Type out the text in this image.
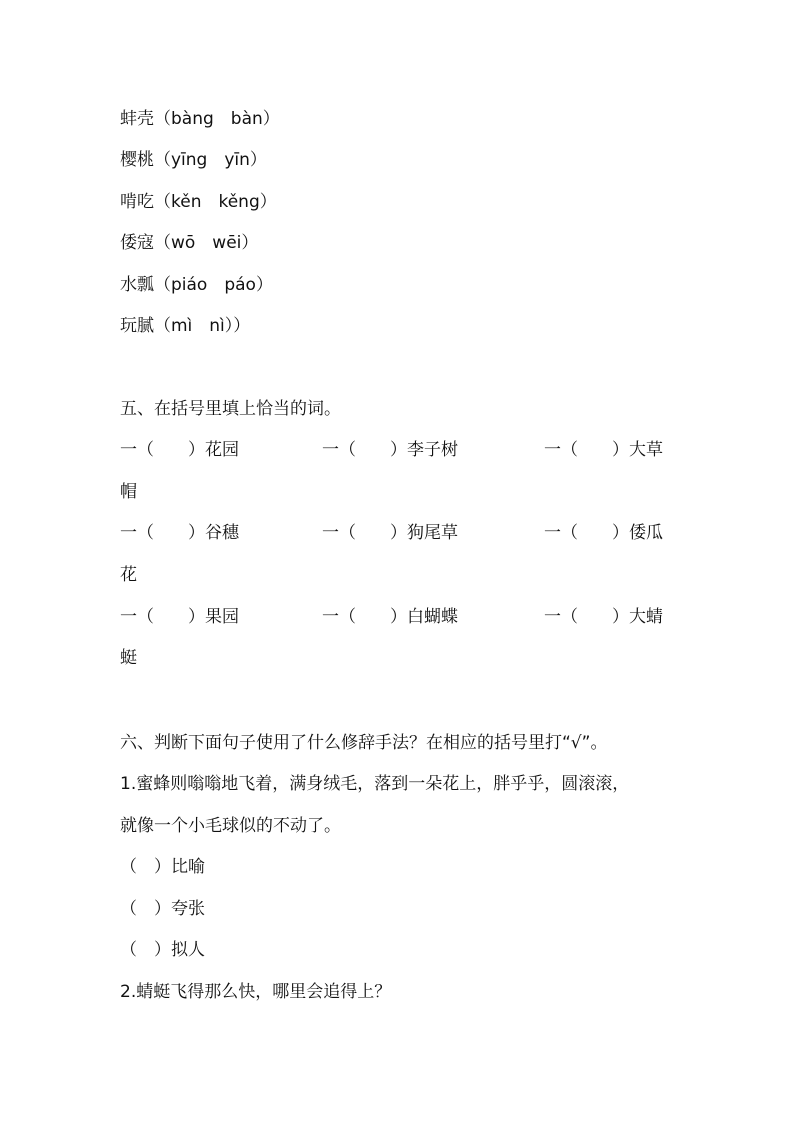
蚌壳（bàng　bàn）
樱桃（yīng　yīn）
啃吃（kěn　kěng）
倭寇（wō　wēi）
水瓢（piáo　páo）
玩腻（mì　nì））
五、在括号里填上恰当的词。
一（　　）花园	一（　　）李子树	一（　　）大草
帽
一（　　）谷穗	一（　　）狗尾草	一（　　）倭瓜
花
一（　　）果园	一（　　）白蝴蝶	一（　　）大蜻
蜓
六、判断下面句子使用了什么修辞手法？在相应的括号里打“√”。
1.蜜蜂则嗡嗡地飞着，满身绒毛，落到一朵花上，胖乎乎，圆滚滚，
就像一个小毛球似的不动了。
（　）比喻
（　）夸张
（　）拟人
2.蜻蜓飞得那么快，哪里会追得上？
